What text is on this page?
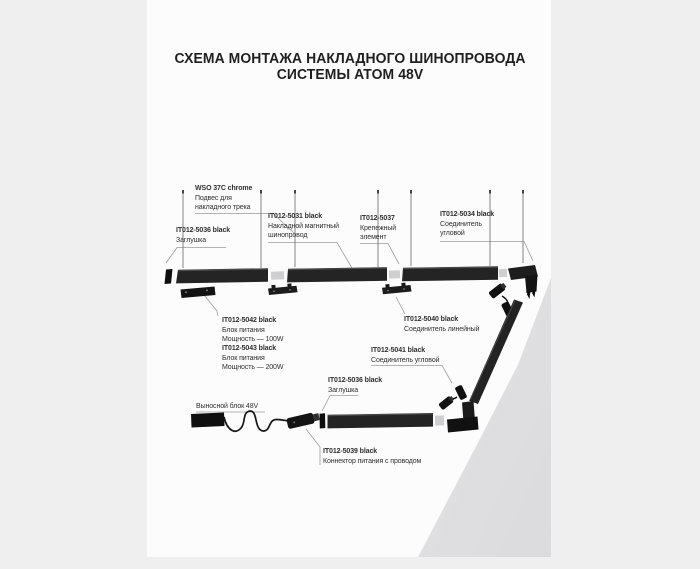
СХЕМА МОНТАЖА НАКЛАДНОГО ШИНОПРОВОДА
СИСТЕМЫ ATOM 48V
WSO 37C chrome
Подвес для
накладного трека
IT012-5036 black
Заглушка
IT012-5031 black
Накладной магнитный
шинопровод
IT012-5037
Крепежный
элемент
IT012-5034 black
Соединитель
угловой
IT012-5042 black
Блок питания
Мощность — 100W
IT012-5043 black
Блок питания
Мощность — 200W
IT012-5040 black
Соединитель линейный
IT012-5041 black
Соединитель угловой
IT012-5036 black
Заглушка
Выносной блок 48V
IT012-5039 black
Коннектор питания с проводом
